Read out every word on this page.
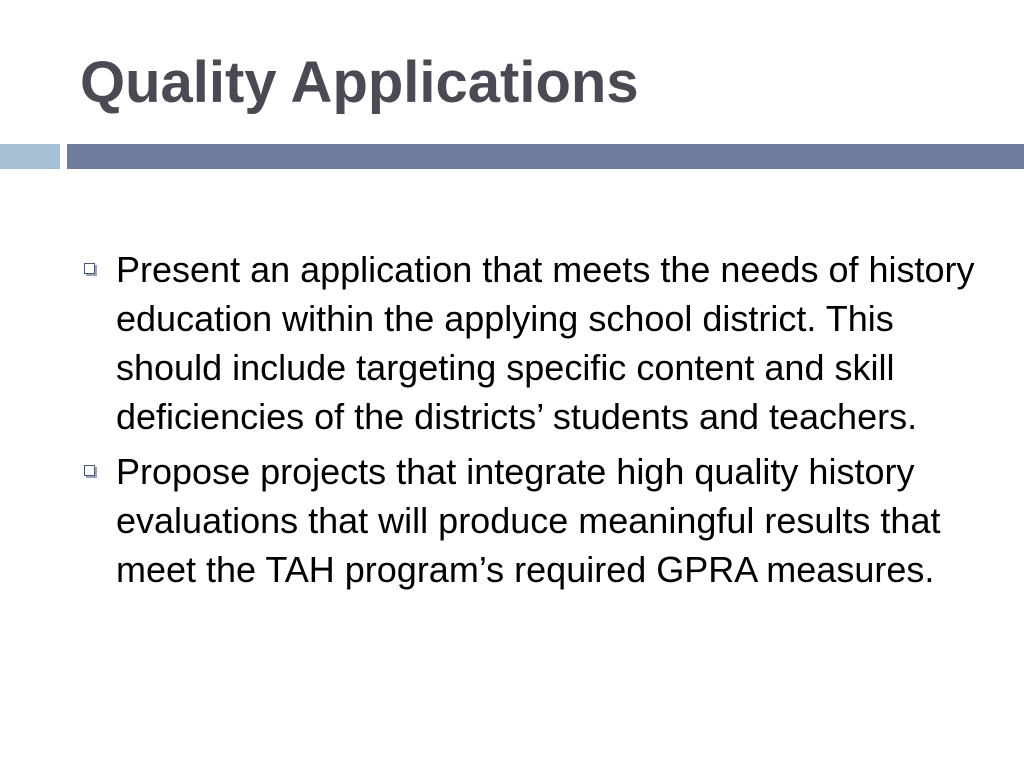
Quality Applications
Present an application that meets the needs of history education within the applying school district. This should include targeting specific content and skill deficiencies of the districts’ students and teachers.
Propose projects that integrate high quality history evaluations that will produce meaningful results that meet the TAH program’s required GPRA measures.
